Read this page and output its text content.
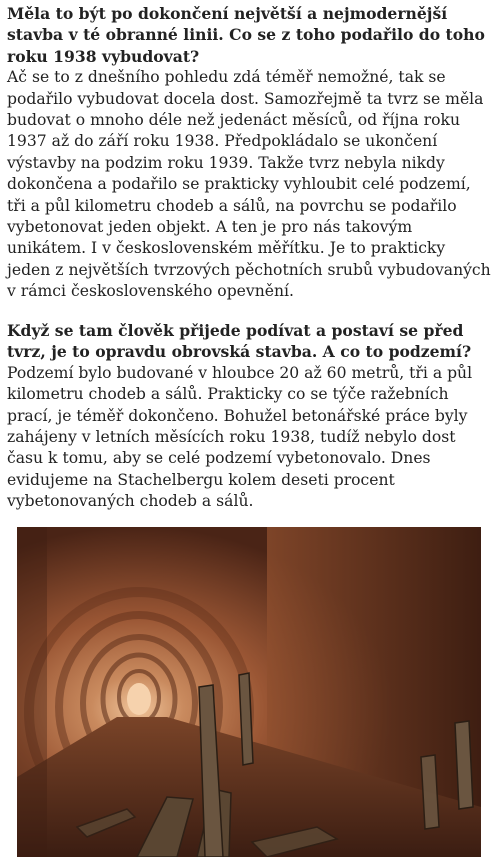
Měla to být po dokončení největší a nejmodernější stavba v té obranné linii. Co se z toho podařilo do toho roku 1938 vybudovat?
Ač se to z dnešního pohledu zdá téměř nemožné, tak se podařilo vybudovat docela dost. Samozřejmě ta tvrz se měla budovat o mnoho déle než jedenáct měsíců, od října roku 1937 až do září roku 1938. Předpokládalo se ukončení výstavby na podzim roku 1939. Takže tvrz nebyla nikdy dokončena a podařilo se prakticky vyhloubit celé podzemí, tři a půl kilometru chodeb a sálů, na povrchu se podařilo vybetonovat jeden objekt. A ten je pro nás takovým unikátem. I v československém měřítku. Je to prakticky jeden z největších tvrzových pěchotních srubů vybudovaných v rámci československého opevnění.
Když se tam člověk přijede podívat a postaví se před tvrz, je to opravdu obrovská stavba. A co to podzemí?
Podzemí bylo budované v hloubce 20 až 60 metrů, tři a půl kilometru chodeb a sálů. Prakticky co se týče ražebních prací, je téměř dokončeno. Bohužel betonářské práce byly zahájeny v letních měsících roku 1938, tudíž nebylo dost času k tomu, aby se celé podzemí vybetonovalo. Dnes evidujeme na Stachelbergu kolem deseti procent vybetonovaných chodeb a sálů.
